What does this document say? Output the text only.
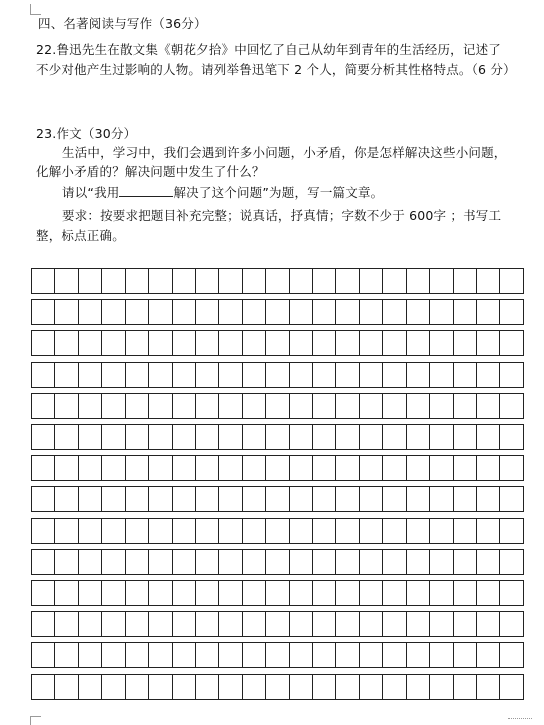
四、名著阅读与写作（36分）
22.鲁迅先生在散文集《朝花夕拾》中回忆了自己从幼年到青年的生活经历，记述了
不少对他产生过影响的人物。请列举鲁迅笔下 2 个人，简要分析其性格特点。（6 分）
23.作文（30分）
生活中，学习中，我们会遇到许多小问题，小矛盾，你是怎样解决这些小问题，
化解小矛盾的？解决问题中发生了什么？
请以“我用	解决了这个问题”为题，写一篇文章。
要求：按要求把题目补充完整；说真话，抒真情；字数不少于 600字 ；书写工
整，标点正确。
